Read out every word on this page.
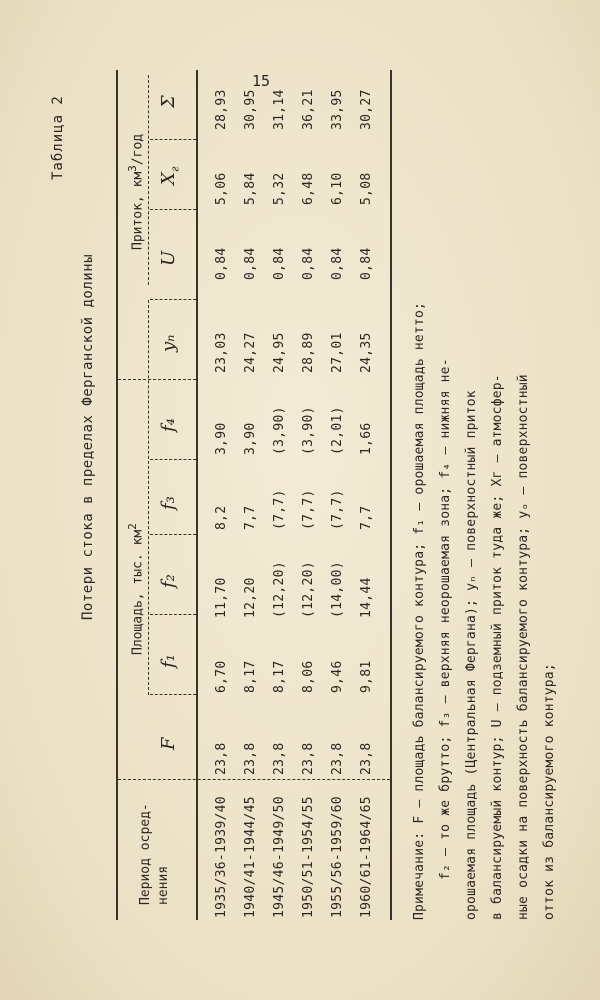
15
Таблица 2
Потери стока в пределах Ферганской долины
Период осред- нения
Площадь, тыс. $км^2$
Приток, $км^3$/год
F
f₁
f₂
f₃
f₄
yₙ
U
$X_г$
Σ
1935/36-1939/40
23,8
6,70
11,70
8,2
3,90
23,03
0,84
5,06
28,93
1940/41-1944/45
23,8
8,17
12,20
7,7
3,90
24,27
0,84
5,84
30,95
1945/46-1949/50
23,8
8,17
(12,20)
(7,7)
(3,90)
24,95
0,84
5,32
31,14
1950/51-1954/55
23,8
8,06
(12,20)
(7,7)
(3,90)
28,89
0,84
6,48
36,21
1955/56-1959/60
23,8
9,46
(14,00)
(7,7)
(2,01)
27,01
0,84
6,10
33,95
1960/61-1964/65
23,8
9,81
14,44
7,7
1,66
24,35
0,84
5,08
30,27
Примечание: F – площадь балансируемого контура; f₁ – орошаемая площадь нетто; f₂ – то же брутто; f₃ – верхняя неорошаемая зона; f₄ – нижняя не- орошаемая площадь (Центральная Фергана); yₙ – поверхностный приток в балансируемый контур; U – подземный приток туда же; Xг – атмосфер- ные осадки на поверхность балансируемого контура; yₒ – поверхностный отток из балансируемого контура;
